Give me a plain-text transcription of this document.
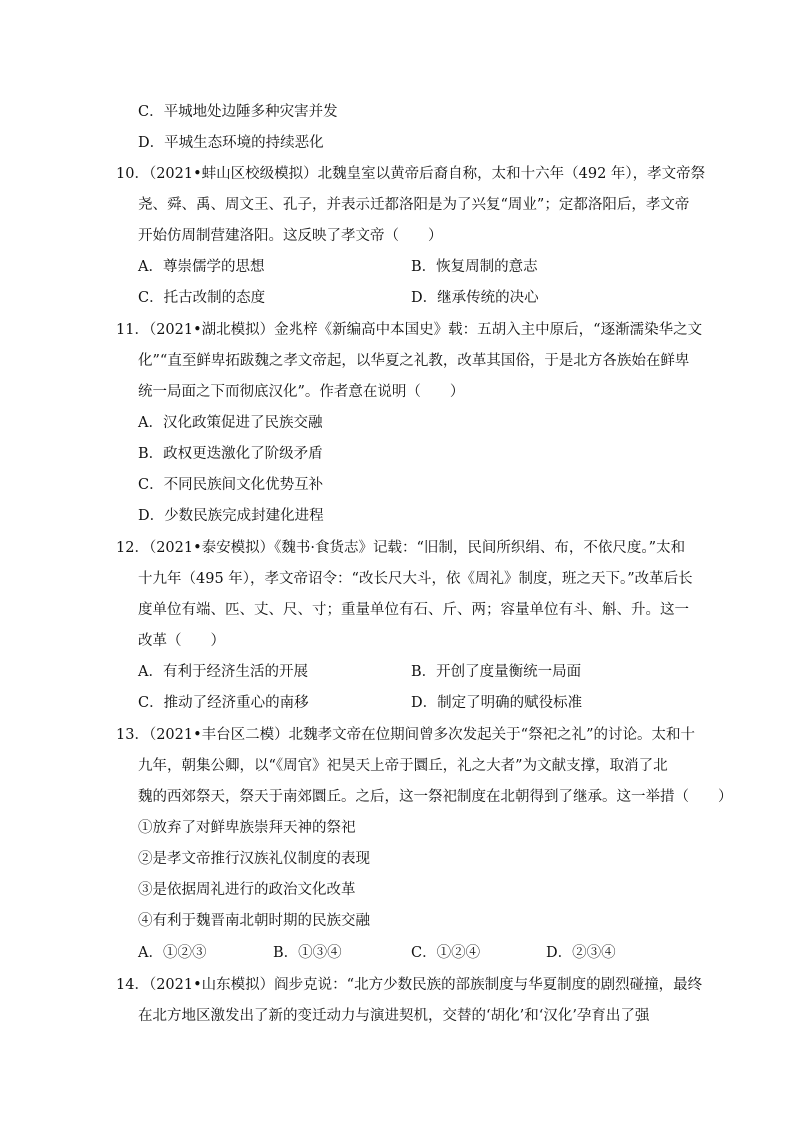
C．平城地处边陲多种灾害并发
D．平城生态环境的持续恶化
10．（2021•蚌山区校级模拟）北魏皇室以黄帝后裔自称，太和十六年（492 年），孝文帝祭
尧、舜、禹、周文王、孔子，并表示迁都洛阳是为了兴复“周业”；定都洛阳后，孝文帝
开始仿周制营建洛阳。这反映了孝文帝（　　）
A．尊崇儒学的思想	B．恢复周制的意志
C．托古改制的态度	D．继承传统的决心
11．（2021•湖北模拟）金兆梓《新编高中本国史》载：五胡入主中原后，“逐渐濡染华之文
化”“直至鲜卑拓跋魏之孝文帝起，以华夏之礼教，改革其国俗，于是北方各族始在鲜卑
统一局面之下而彻底汉化”。作者意在说明（　　）
A．汉化政策促进了民族交融
B．政权更迭激化了阶级矛盾
C．不同民族间文化优势互补
D．少数民族完成封建化进程
12．（2021•泰安模拟）《魏书·食货志》记载：“旧制，民间所织绢、布，不依尺度。”太和
十九年（495 年），孝文帝诏令：“改长尺大斗，依《周礼》制度，班之天下。”改革后长
度单位有端、匹、丈、尺、寸；重量单位有石、斤、两；容量单位有斗、斛、升。这一
改革（　　）
A．有利于经济生活的开展	B．开创了度量衡统一局面
C．推动了经济重心的南移	D．制定了明确的赋役标准
13．（2021•丰台区二模）北魏孝文帝在位期间曾多次发起关于“祭祀之礼”的讨论。太和十
九年，朝集公卿，以“《周官》祀昊天上帝于圜丘，礼之大者”为文献支撑，取消了北
魏的西郊祭天，祭天于南郊圜丘。之后，这一祭祀制度在北朝得到了继承。这一举措（　　）
①放弃了对鲜卑族崇拜天神的祭祀
②是孝文帝推行汉族礼仪制度的表现
③是依据周礼进行的政治文化改革
④有利于魏晋南北朝时期的民族交融
A．①②③	B．①③④	C．①②④	D．②③④
14．（2021•山东模拟）阎步克说：“北方少数民族的部族制度与华夏制度的剧烈碰撞，最终
在北方地区激发出了新的变迁动力与演进契机，交替的‘胡化’和‘汉化’孕育出了强
